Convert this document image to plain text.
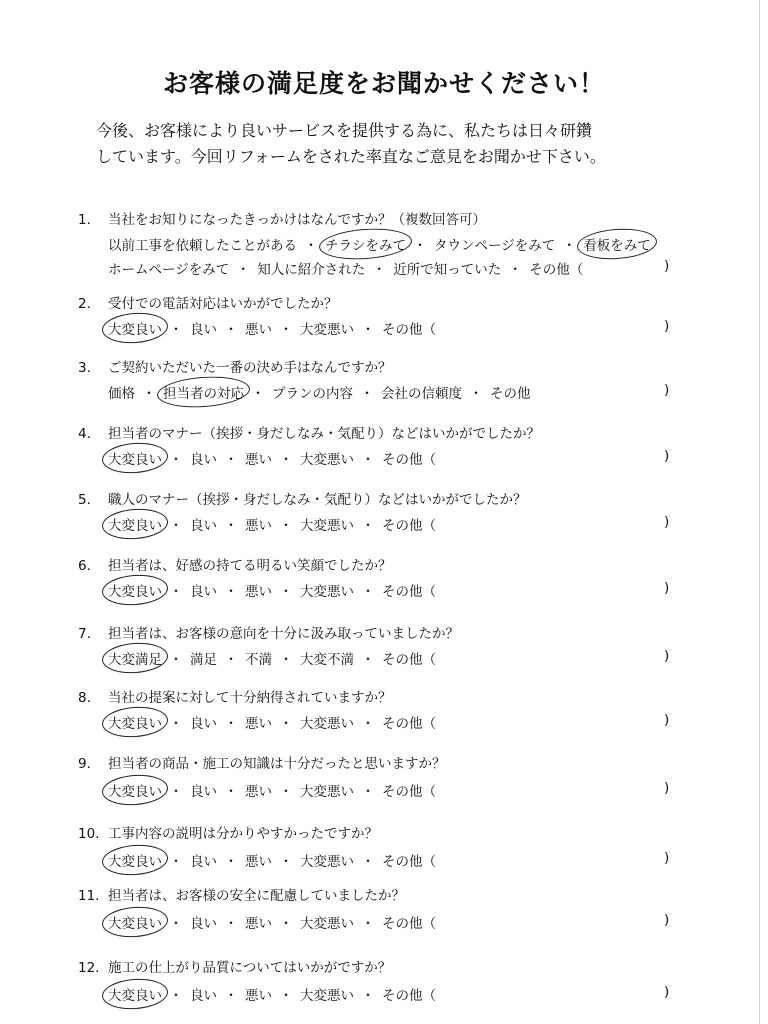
お客様の満足度をお聞かせください！
今後、お客様により良いサービスを提供する為に、私たちは日々研鑽
しています。今回リフォームをされた率直なご意見をお聞かせ下さい。
1. 当社をお知りになったきっかけはなんですか？（複数回答可）
以前工事を依頼したことがある ・ チラシをみて ・ タウンページをみて ・ 看板をみて
ホームページをみて ・ 知人に紹介された ・ 近所で知っていた ・ その他（	)
2. 受付での電話対応はいかがでしたか？
大変良い ・ 良い ・ 悪い ・ 大変悪い ・ その他（	)
3. ご契約いただいた一番の決め手はなんですか？
価格 ・ 担当者の対応 ・ プランの内容 ・ 会社の信頼度 ・ その他	)
4. 担当者のマナー（挨拶・身だしなみ・気配り）などはいかがでしたか？
大変良い ・ 良い ・ 悪い ・ 大変悪い ・ その他（	)
5. 職人のマナー（挨拶・身だしなみ・気配り）などはいかがでしたか？
大変良い ・ 良い ・ 悪い ・ 大変悪い ・ その他（	)
6. 担当者は、好感の持てる明るい笑顔でしたか？
大変良い ・ 良い ・ 悪い ・ 大変悪い ・ その他（	)
7. 担当者は、お客様の意向を十分に汲み取っていましたか？
大変満足 ・ 満足 ・ 不満 ・ 大変不満 ・ その他（	)
8. 当社の提案に対して十分納得されていますか？
大変良い ・ 良い ・ 悪い ・ 大変悪い ・ その他（	)
9. 担当者の商品・施工の知識は十分だったと思いますか？
大変良い ・ 良い ・ 悪い ・ 大変悪い ・ その他（	)
10. 工事内容の説明は分かりやすかったですか？
大変良い ・ 良い ・ 悪い ・ 大変悪い ・ その他（	)
11. 担当者は、お客様の安全に配慮していましたか？
大変良い ・ 良い ・ 悪い ・ 大変悪い ・ その他（	)
12. 施工の仕上がり品質についてはいかがですか？
大変良い ・ 良い ・ 悪い ・ 大変悪い ・ その他（	)
